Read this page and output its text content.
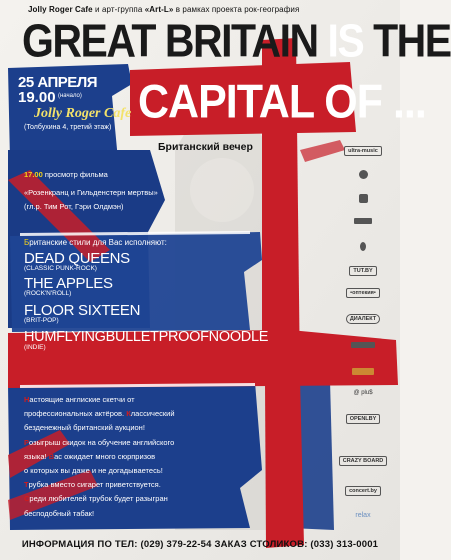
Jolly Roger Cafe и арт-группа «Art-L» в рамках проекта рок-география
GREAT BRITAIN IS THE
CAPITAL OF ...
25 АПРЕЛЯ
19.00 (начало)
Jolly Roger Cafe
(Толбухина 4, третий этаж)
Британский вечер
17.00 просмотр фильма
«Розенкранц и Гильденстерн мертвы»
(гл.р. Тим Рот, Гэри Олдмэн)
Британские стили для Вас исполняют:
DEAD QUEENS
(CLASSIC PUNK-ROCK)
THE APPLES
(ROCK'N'ROLL)
FLOOR SIXTEEN
(BRIT-POP)
HUMFLYINGBULLETPROOFNOODLE
(INDIE)
Настоящие англиские скетчи от
профессиональных актёров. Классический
безденежный британский аукцион!
Розыгрыш скидок на обучение английского
языка! Вас ожидает много сюрпризов
о которых вы даже и не догадываетесь!
Трубка вместо сигарет приветствуется.
Среди любителей трубок будет разыгран
бесподобный табак!
ultra-music
TUT.BY
•оптекия•
ДИАЛЕКТ
@ plu$
OPENLBY
CRAZY BOARD
concert.by
relax
ИНФОРМАЦИЯ ПО ТЕЛ: (029) 379-22-54 ЗАКАЗ СТОЛИКОВ: (033) 313-0001
